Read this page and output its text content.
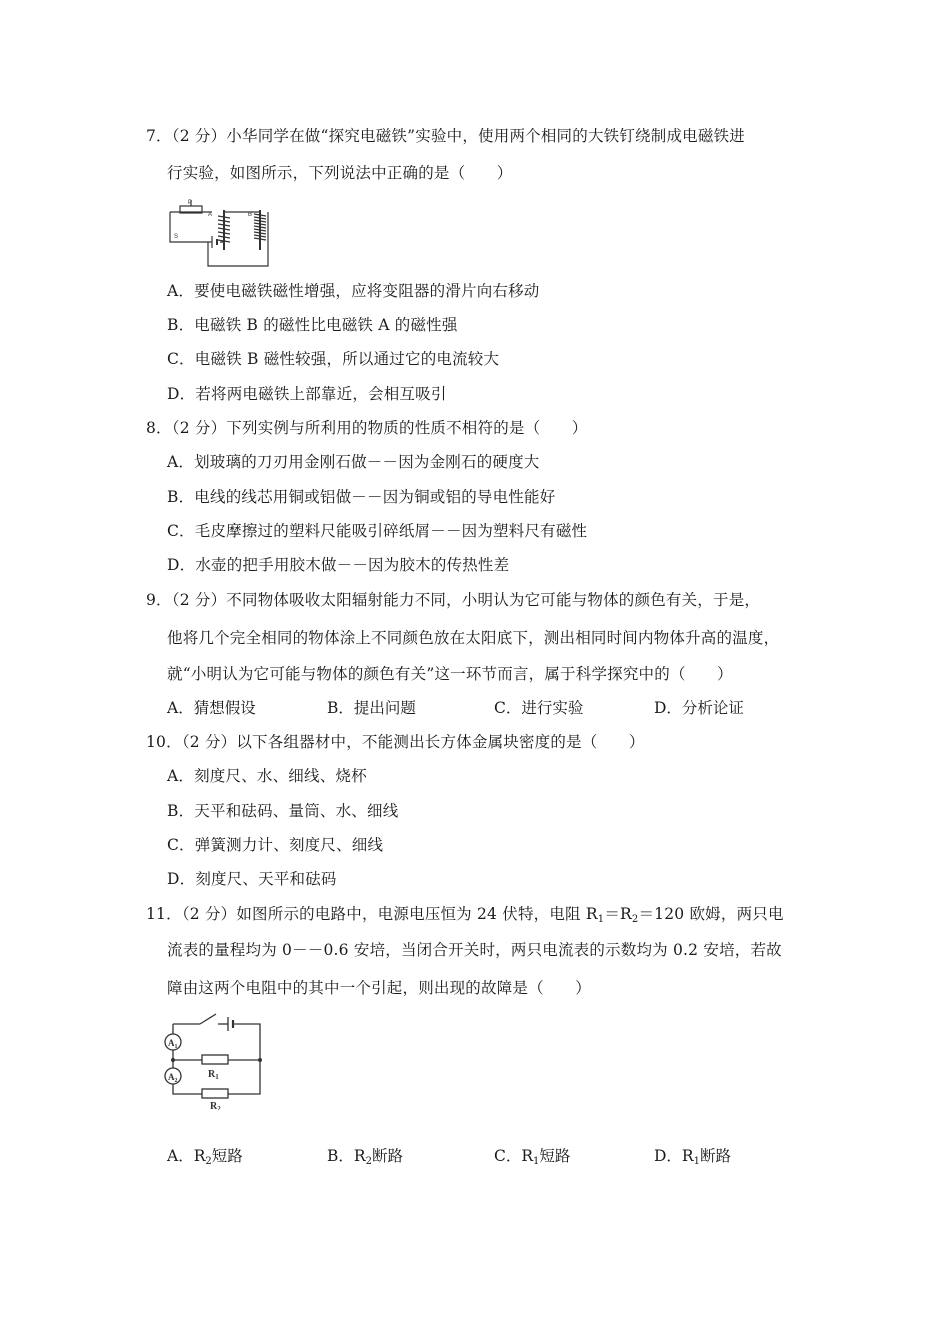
7．（2 分）小华同学在做“探究电磁铁”实验中，使用两个相同的大铁钉绕制成电磁铁进
行实验，如图所示，下列说法中正确的是（　　）
A	B
P
S
A．要使电磁铁磁性增强，应将变阻器的滑片向右移动
B．电磁铁 B 的磁性比电磁铁 A 的磁性强
C．电磁铁 B 磁性较强，所以通过它的电流较大
D．若将两电磁铁上部靠近，会相互吸引
8．（2 分）下列实例与所利用的物质的性质不相符的是（　　）
A．划玻璃的刀刃用金刚石做－－因为金刚石的硬度大
B．电线的线芯用铜或铝做－－因为铜或铝的导电性能好
C．毛皮摩擦过的塑料尺能吸引碎纸屑－－因为塑料尺有磁性
D．水壶的把手用胶木做－－因为胶木的传热性差
9．（2 分）不同物体吸收太阳辐射能力不同，小明认为它可能与物体的颜色有关，于是，
他将几个完全相同的物体涂上不同颜色放在太阳底下，测出相同时间内物体升高的温度，
就“小明认为它可能与物体的颜色有关”这一环节而言，属于科学探究中的（　　）
A．猜想假设	B．提出问题	C．进行实验	D．分析论证
10．（2 分）以下各组器材中，不能测出长方体金属块密度的是（　　）
A．刻度尺、水、细线、烧杯
B．天平和砝码、量筒、水、细线
C．弹簧测力计、刻度尺、细线
D．刻度尺、天平和砝码
11．（2 分）如图所示的电路中，电源电压恒为 24 伏特，电阻 $R_1=R_2=120$ 欧姆，两只电
流表的量程均为 0－－0.6 安培，当闭合开关时，两只电流表的示数均为 0.2 安培，若故
障由这两个电阻中的其中一个引起，则出现的故障是（　　）
$A_1$
$A_2$
$R_1$
$R_2$
A．$R_2$短路	B．$R_2$断路	C．$R_1$短路	D．$R_1$断路
